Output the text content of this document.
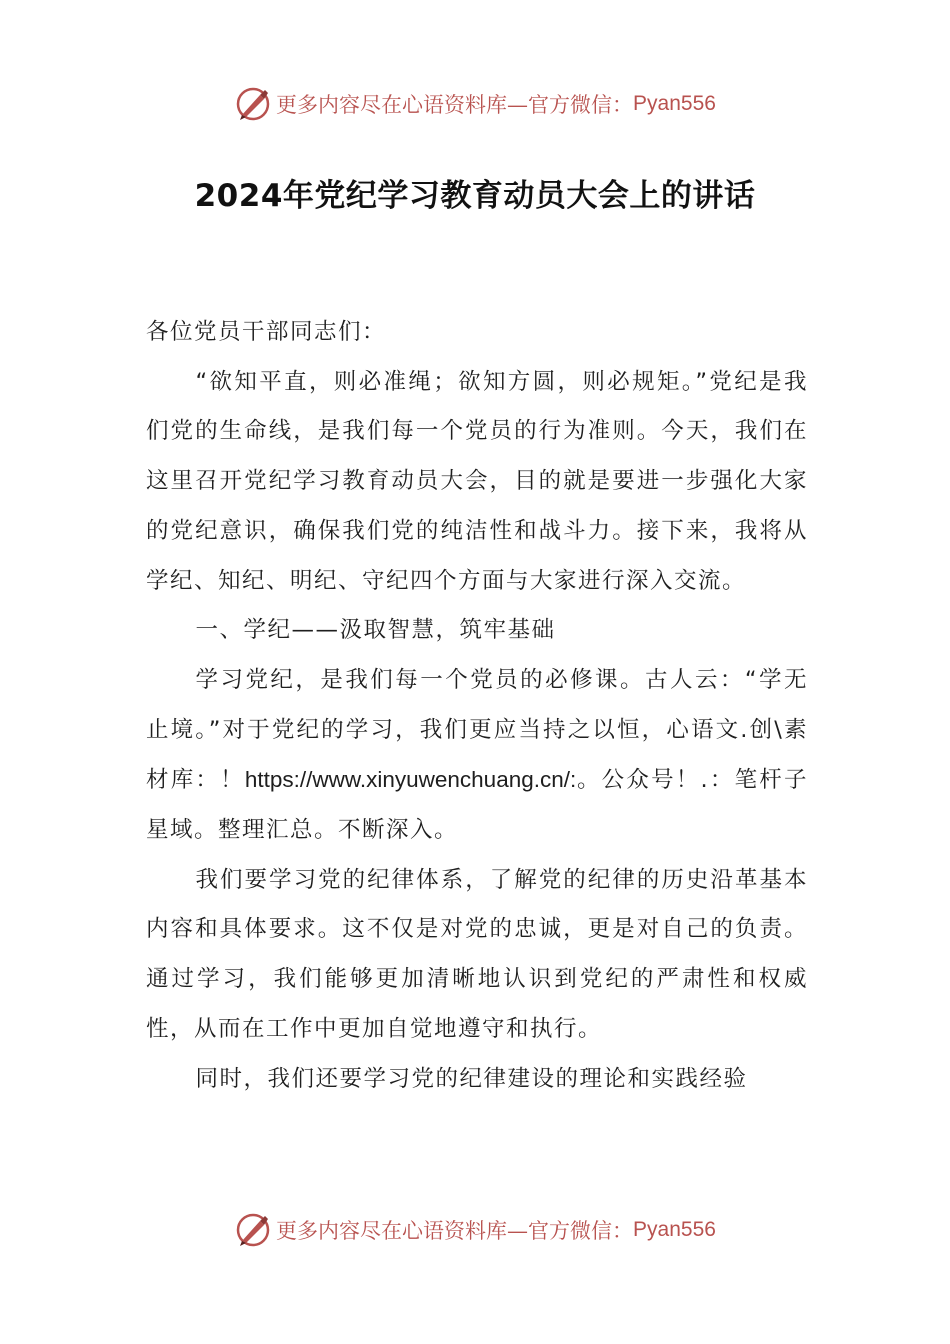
更多内容尽在心语资料库—官方微信： Pyan556
2024年党纪学习教育动员大会上的讲话

各位党员干部同志们：

“欲知平直，则必准绳；欲知方圆，则必规矩。”党纪是我们党的生命线，是我们每一个党员的行为准则。今天，我们在这里召开党纪学习教育动员大会，目的就是要进一步强化大家的党纪意识，确保我们党的纯洁性和战斗力。接下来，我将从学纪、知纪、明纪、守纪四个方面与大家进行深入交流。

一、学纪——汲取智慧，筑牢基础

学习党纪，是我们每一个党员的必修课。古人云：“学无止境。”对于党纪的学习，我们更应当持之以恒，心语文.创\素材库：！https://www.xinyuwenchuang.cn/:。公众号！.：笔杆子星域。整理汇总。不断深入。

我们要学习党的纪律体系，了解党的纪律的历史沿革基本内容和具体要求。这不仅是对党的忠诚，更是对自己的负责。通过学习，我们能够更加清晰地认识到党纪的严肃性和权威性，从而在工作中更加自觉地遵守和执行。

同时，我们还要学习党的纪律建设的理论和实践经验

更多内容尽在心语资料库—官方微信： Pyan556
